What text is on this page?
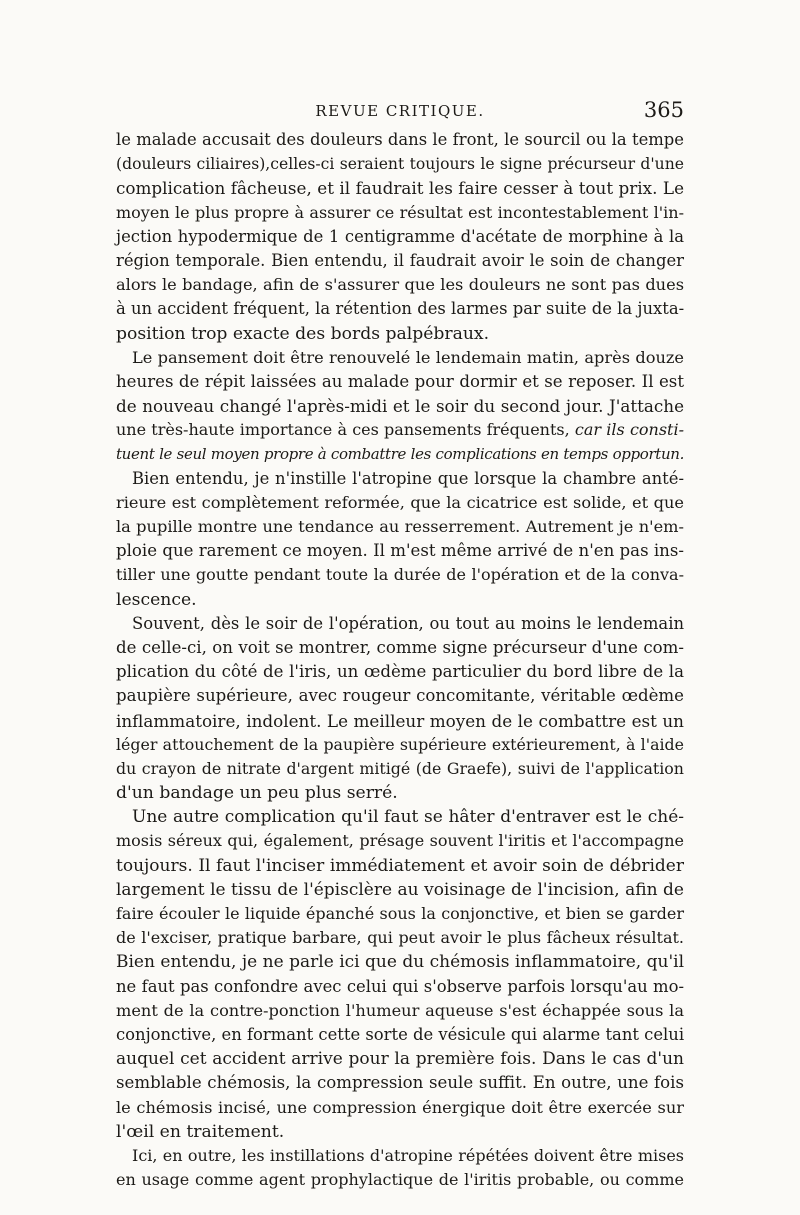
REVUE CRITIQUE.	365
le malade accusait des douleurs dans le front, le sourcil ou la tempe
(douleurs ciliaires),celles-ci seraient toujours le signe précurseur d'une
complication fâcheuse, et il faudrait les faire cesser à tout prix. Le
moyen le plus propre à assurer ce résultat est incontestablement l'in-
jection hypodermique de 1 centigramme d'acétate de morphine à la
région temporale. Bien entendu, il faudrait avoir le soin de changer
alors le bandage, afin de s'assurer que les douleurs ne sont pas dues
à un accident fréquent, la rétention des larmes par suite de la juxta-
position trop exacte des bords palpébraux.
Le pansement doit être renouvelé le lendemain matin, après douze
heures de répit laissées au malade pour dormir et se reposer. Il est
de nouveau changé l'après-midi et le soir du second jour. J'attache
une très-haute importance à ces pansements fréquents, car ils consti-
tuent le seul moyen propre à combattre les complications en temps opportun.
Bien entendu, je n'instille l'atropine que lorsque la chambre anté-
rieure est complètement reformée, que la cicatrice est solide, et que
la pupille montre une tendance au resserrement. Autrement je n'em-
ploie que rarement ce moyen. Il m'est même arrivé de n'en pas ins-
tiller une goutte pendant toute la durée de l'opération et de la conva-
lescence.
Souvent, dès le soir de l'opération, ou tout au moins le lendemain
de celle-ci, on voit se montrer, comme signe précurseur d'une com-
plication du côté de l'iris, un œdème particulier du bord libre de la
paupière supérieure, avec rougeur concomitante, véritable œdème
inflammatoire, indolent. Le meilleur moyen de le combattre est un
léger attouchement de la paupière supérieure extérieurement, à l'aide
du crayon de nitrate d'argent mitigé (de Graefe), suivi de l'application
d'un bandage un peu plus serré.
Une autre complication qu'il faut se hâter d'entraver est le ché-
mosis séreux qui, également, présage souvent l'iritis et l'accompagne
toujours. Il faut l'inciser immédiatement et avoir soin de débrider
largement le tissu de l'épisclère au voisinage de l'incision, afin de
faire écouler le liquide épanché sous la conjonctive, et bien se garder
de l'exciser, pratique barbare, qui peut avoir le plus fâcheux résultat.
Bien entendu, je ne parle ici que du chémosis inflammatoire, qu'il
ne faut pas confondre avec celui qui s'observe parfois lorsqu'au mo-
ment de la contre-ponction l'humeur aqueuse s'est échappée sous la
conjonctive, en formant cette sorte de vésicule qui alarme tant celui
auquel cet accident arrive pour la première fois. Dans le cas d'un
semblable chémosis, la compression seule suffit. En outre, une fois
le chémosis incisé, une compression énergique doit être exercée sur
l'œil en traitement.
Ici, en outre, les instillations d'atropine répétées doivent être mises
en usage comme agent prophylactique de l'iritis probable, ou comme
